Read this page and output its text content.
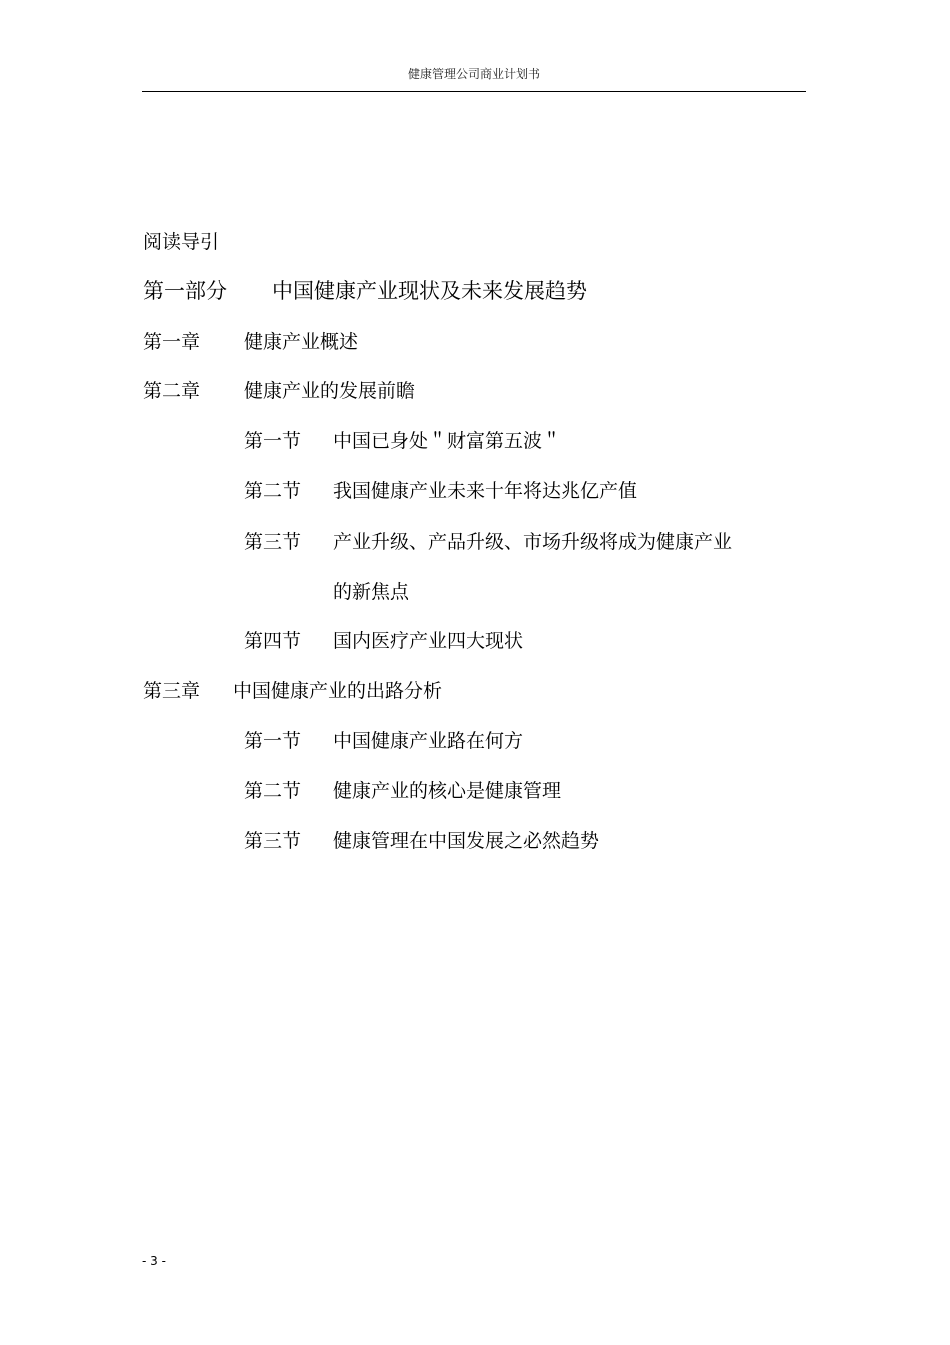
健康管理公司商业计划书
阅读导引
第一部分 中国健康产业现状及未来发展趋势
第一章 健康产业概述
第二章 健康产业的发展前瞻
第一节 中国已身处＂财富第五波＂
第二节 我国健康产业未来十年将达兆亿产值
第三节 产业升级、产品升级、市场升级将成为健康产业
的新焦点
第四节 国内医疗产业四大现状
第三章 中国健康产业的出路分析
第一节 中国健康产业路在何方
第二节 健康产业的核心是健康管理
第三节 健康管理在中国发展之必然趋势
- 3 -
